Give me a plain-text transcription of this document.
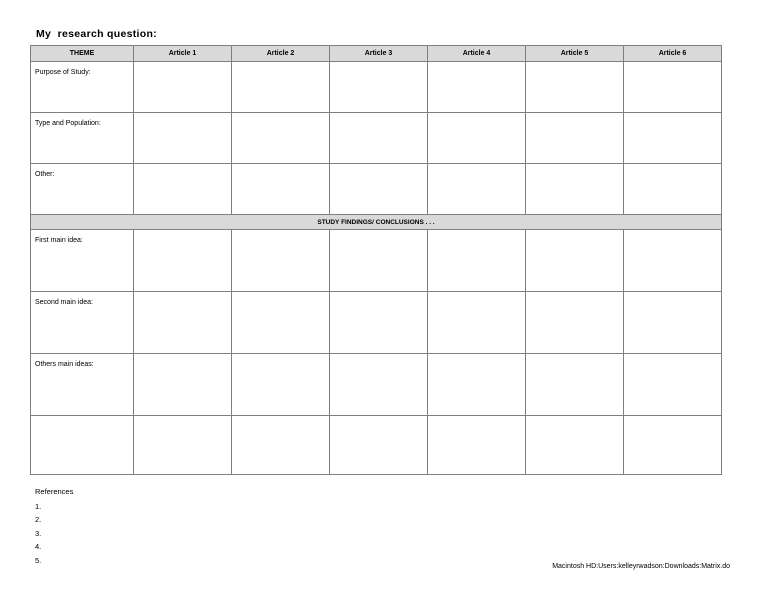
My  research question:
THEME	Article 1	Article 2	Article 3	Article 4	Article 5	Article 6

Purpose of Study:						

Type and Population:						

Other:						

STUDY FINDINGS/ CONCLUSIONS . . .						

First main idea:						

Second main idea:						

Others main ideas:						

References
1.
2.
3.
4.
5.
Macintosh HD:Users:kelleyrwadson:Downloads:Matrix.do
